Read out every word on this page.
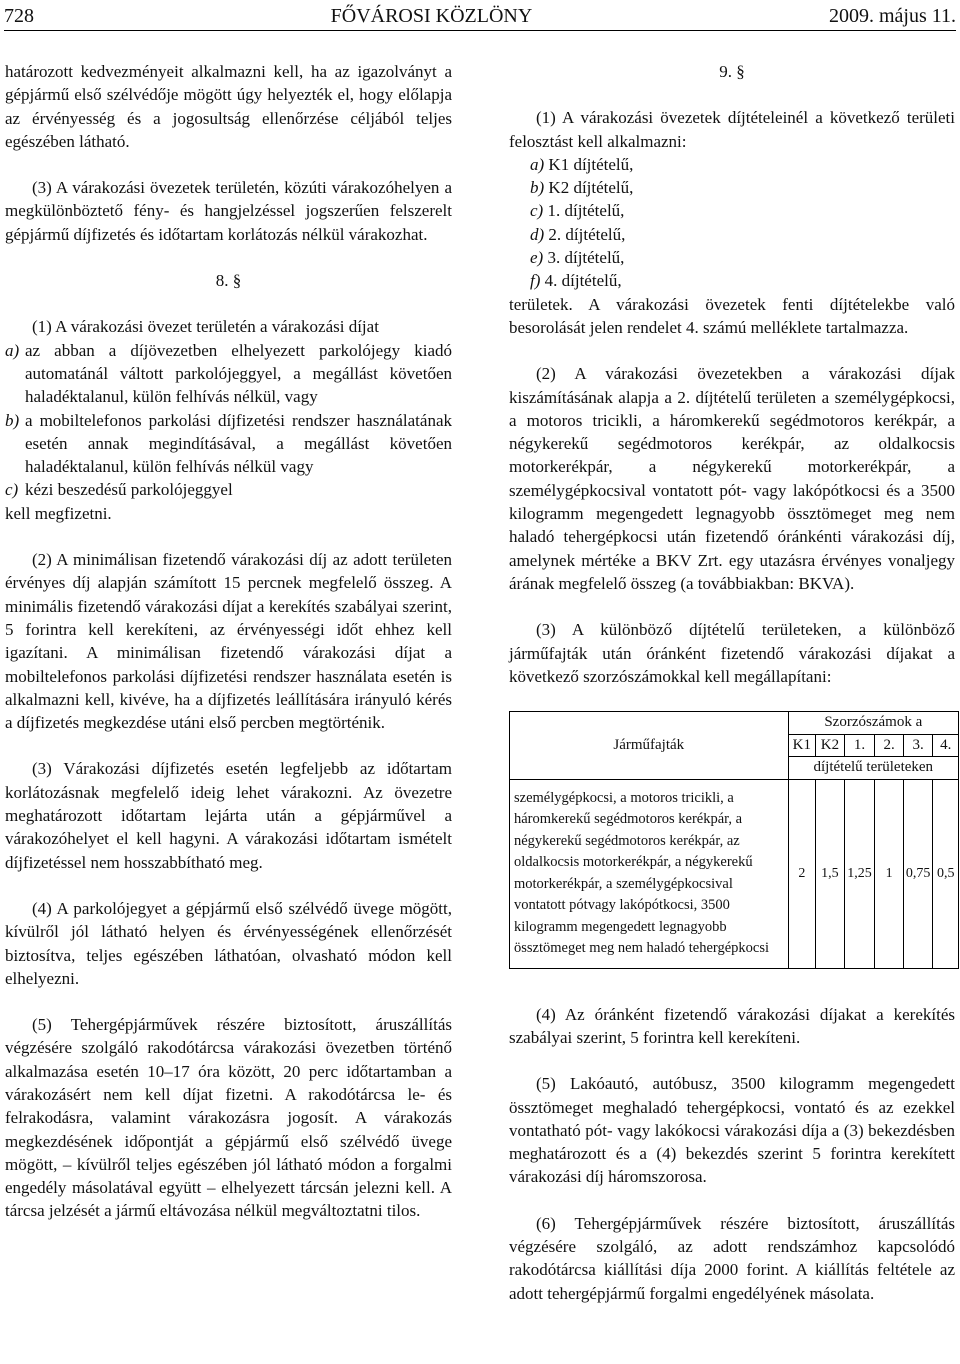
728	FŐVÁROSI KÖZLÖNY	2009. május 11.

határozott kedvezményeit alkalmazni kell, ha az igazolványt a gépjármű első szélvédője mögött úgy helyezték el, hogy előlapja az érvényesség és a jogosultság ellenőrzése céljából teljes egészében látható.

(3) A várakozási övezetek területén, közúti várakozóhelyen a megkülönböztető fény- és hangjelzéssel jogszerűen felszerelt gépjármű díjfizetés és időtartam korlátozás nélkül várakozhat.

8. §

(1) A várakozási övezet területén a várakozási díjat

a) az abban a díjövezetben elhelyezett parkolójegy kiadó automatánál váltott parkolójeggyel, a megállást követően haladéktalanul, külön felhívás nélkül, vagy

b) a mobiltelefonos parkolási díjfizetési rendszer használatának esetén annak megindításával, a megállást követően haladéktalanul, külön felhívás nélkül vagy

c) kézi beszedésű parkolójeggyel

kell megfizetni.

(2) A minimálisan fizetendő várakozási díj az adott területen érvényes díj alapján számított 15 percnek megfelelő összeg. A minimális fizetendő várakozási díjat a kerekítés szabályai szerint, 5 forintra kell kerekíteni, az érvényességi időt ehhez kell igazítani. A minimálisan fizetendő várakozási díjat a mobiltelefonos parkolási díjfizetési rendszer használata esetén is alkalmazni kell, kivéve, ha a díjfizetés leállítására irányuló kérés a díjfizetés megkezdése utáni első percben megtörténik.

(3) Várakozási díjfizetés esetén legfeljebb az időtartam korlátozásnak megfelelő ideig lehet várakozni. Az övezetre meghatározott időtartam lejárta után a gépjárművel a várakozóhelyet el kell hagyni. A várakozási időtartam ismételt díjfizetéssel nem hosszabbítható meg.

(4) A parkolójegyet a gépjármű első szélvédő üvege mögött, kívülről jól látható helyen és érvényességének ellenőrzését biztosítva, teljes egészében láthatóan, olvasható módon kell elhelyezni.

(5) Tehergépjárművek részére biztosított, áruszállítás végzésére szolgáló rakodótárcsa várakozási övezetben történő alkalmazása esetén 10–17 óra között, 20 perc időtartamban a várakozásért nem kell díjat fizetni. A rakodótárcsa le- és felrakodásra, valamint várakozásra jogosít. A várakozás megkezdésének időpontját a gépjármű első szélvédő üvege mögött, – kívülről teljes egészében jól látható módon a forgalmi engedély másolatával együtt – elhelyezett tárcsán jelezni kell. A tárcsa jelzését a jármű eltávozása nélkül megváltoztatni tilos.

9. §

(1) A várakozási övezetek díjtételeinél a következő területi felosztást kell alkalmazni:

a) K1 díjtételű,
b) K2 díjtételű,
c) 1. díjtételű,
d) 2. díjtételű,
e) 3. díjtételű,
f) 4. díjtételű,

területek. A várakozási övezetek fenti díjtételekbe való besorolását jelen rendelet 4. számú melléklete tartalmazza.

(2) A várakozási övezetekben a várakozási díjak kiszámításának alapja a 2. díjtételű területen a személygépkocsi, a motoros tricikli, a háromkerekű segédmotoros kerékpár, a négykerekű segédmotoros kerékpár, az oldalkocsis motorkerékpár, a négykerekű motorkerékpár, a személygépkocsival vontatott pót- vagy lakópótkocsi és a 3500 kilogramm megengedett legnagyobb össztömeget meg nem haladó tehergépkocsi után fizetendő óránkénti várakozási díj, amelynek mértéke a BKV Zrt. egy utazásra érvényes vonaljegy árának megfelelő összeg (a továbbiakban: BKVA).

(3) A különböző díjtételű területeken, a különböző járműfajták után óránként fizetendő várakozási díjakat a következő szorzószámokkal kell megállapítani:

Járműfajták	Szorzószámok a					
	K1	K2	1.	2.	3.	4.
	díjtételű területeken					
személygépkocsi, a motoros tricikli, a háromkerekű segédmotoros kerékpár, a négykerekű segédmotoros kerékpár, az oldalkocsis motorkerékpár, a négykerekű motorkerékpár, a személygépkocsival vontatott pótvagy lakópótkocsi, 3500 kilogramm megengedett legnagyobb össztömeget meg nem haladó tehergépkocsi	2	1,5	1,25	1	0,75	0,5

(4) Az óránként fizetendő várakozási díjakat a kerekítés szabályai szerint, 5 forintra kell kerekíteni.

(5) Lakóautó, autóbusz, 3500 kilogramm megengedett össztömeget meghaladó tehergépkocsi, vontató és az ezekkel vontatható pót- vagy lakókocsi várakozási díja a (3) bekezdésben meghatározott és a (4) bekezdés szerint 5 forintra kerekített várakozási díj háromszorosa.

(6) Tehergépjárművek részére biztosított, áruszállítás végzésére szolgáló, az adott rendszámhoz kapcsolódó rakodótárcsa kiállítási díja 2000 forint. A kiállítás feltétele az adott tehergépjármű forgalmi engedélyének másolata.
